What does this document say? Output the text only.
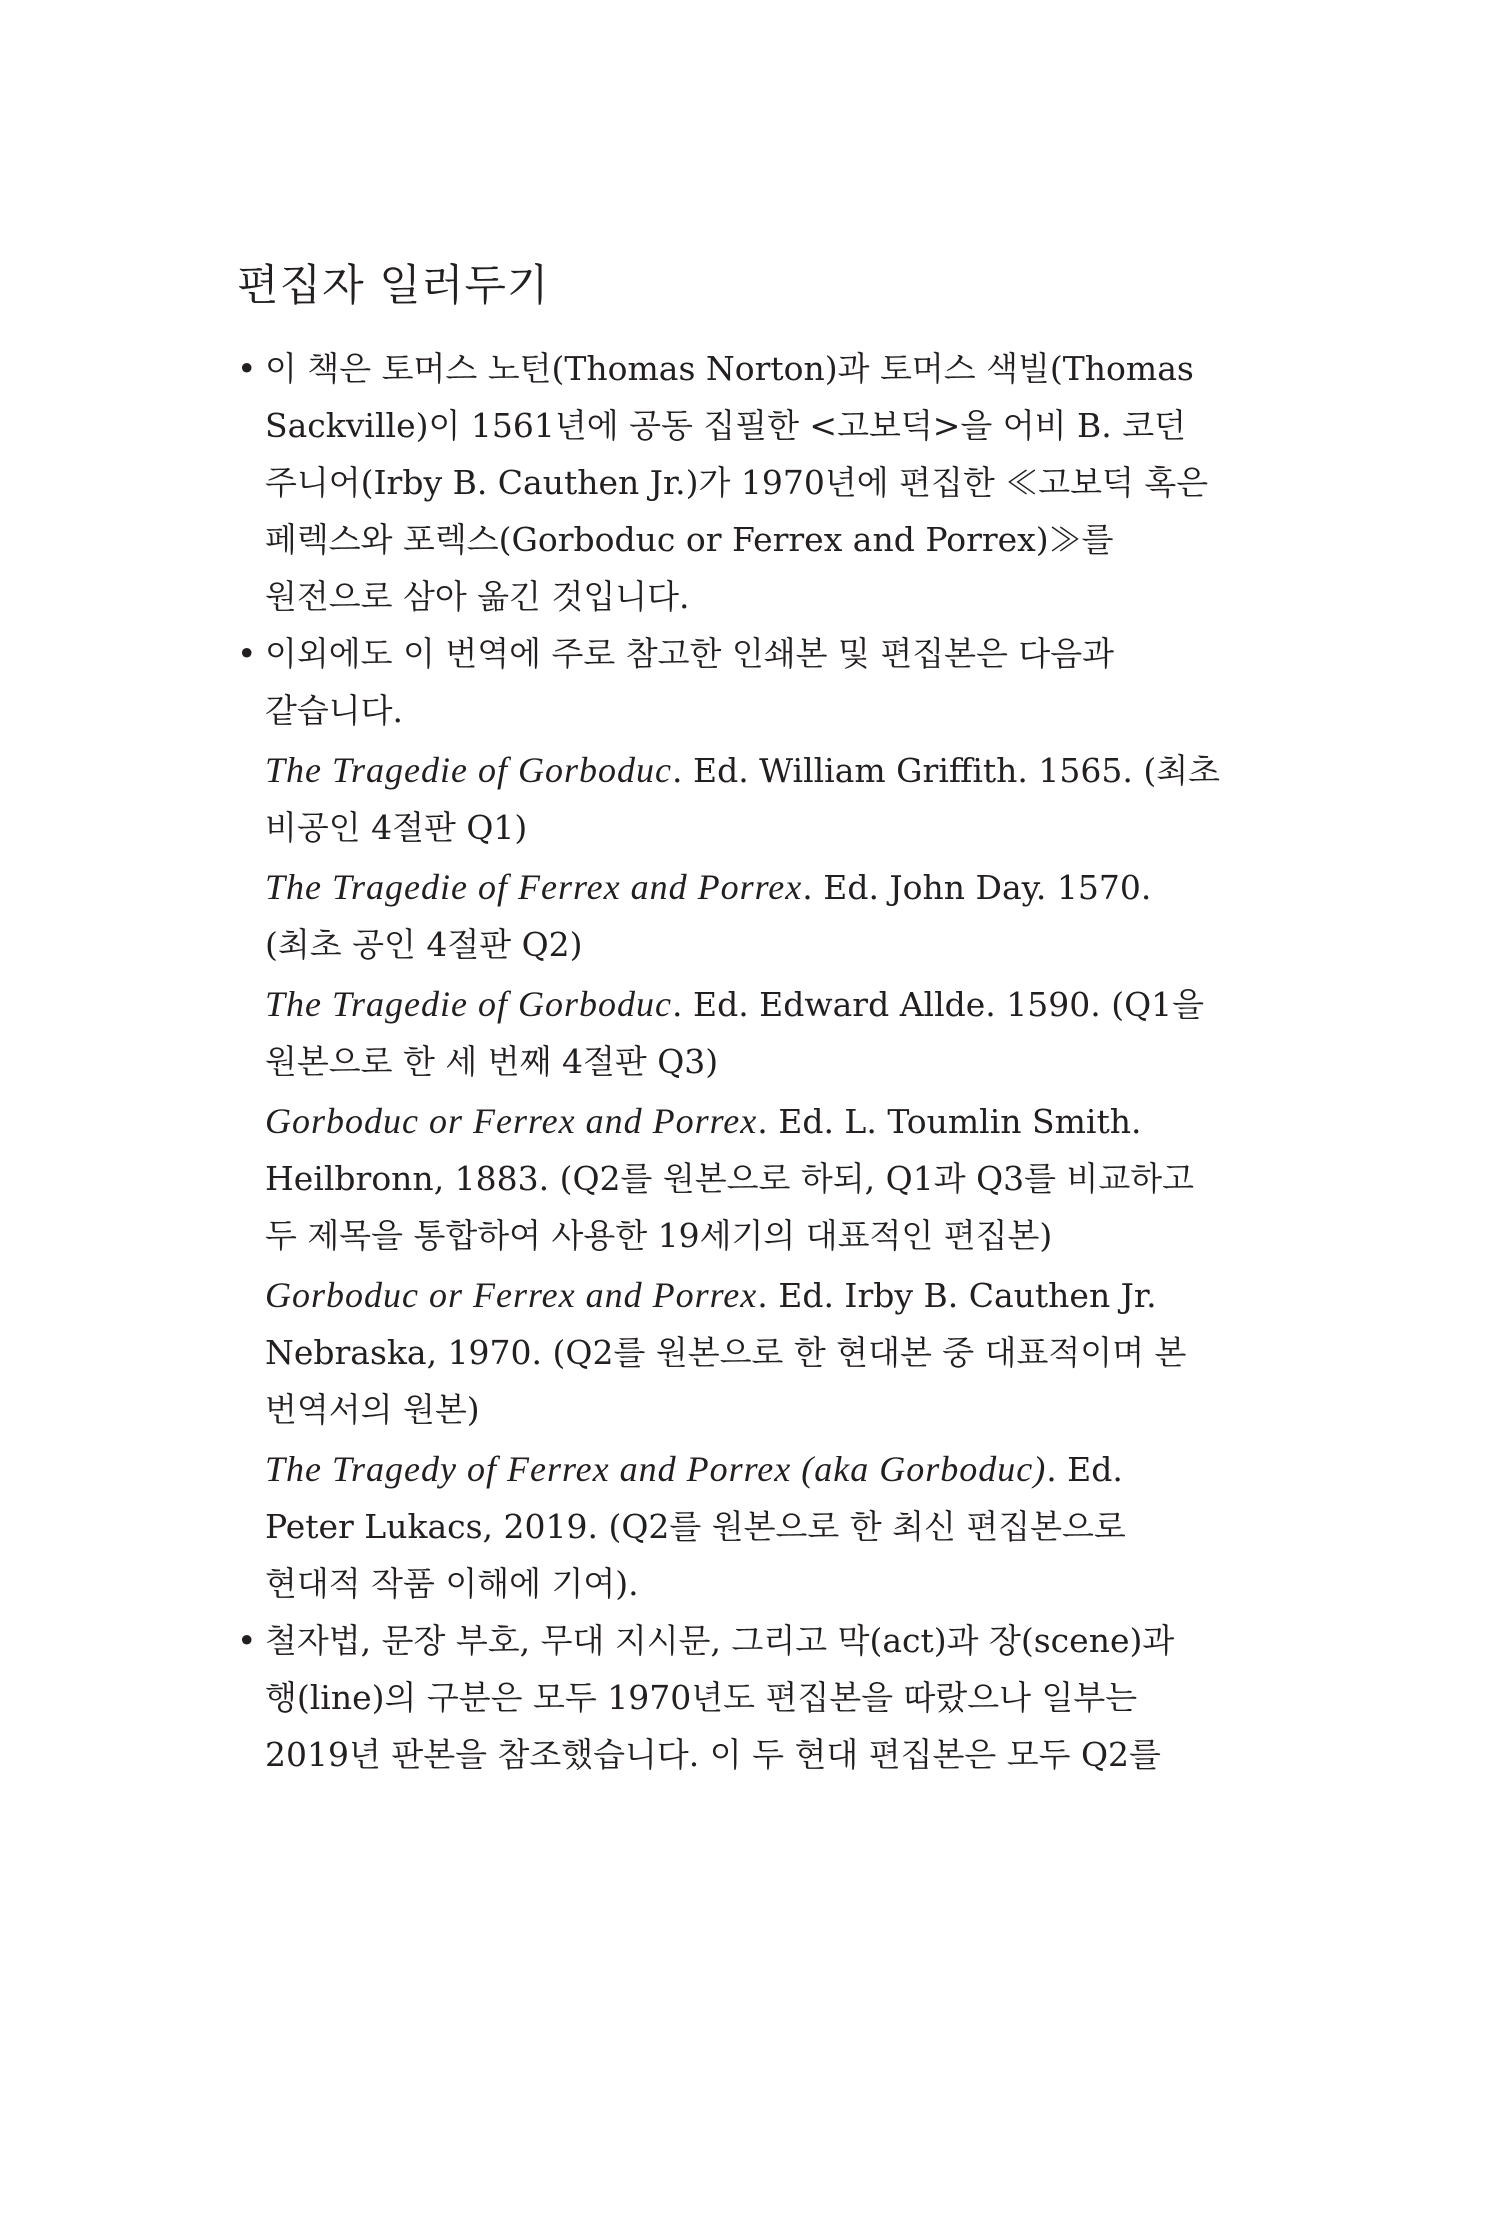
편집자 일러두기
• 이 책은 토머스 노턴(Thomas Norton)과 토머스 색빌(Thomas
Sackville)이 1561년에 공동 집필한 <고보덕>을 어비 B. 코던
주니어(Irby B. Cauthen Jr.)가 1970년에 편집한 ≪고보덕 혹은
페렉스와 포렉스(Gorboduc or Ferrex and Porrex)≫를
원전으로 삼아 옮긴 것입니다.
• 이외에도 이 번역에 주로 참고한 인쇄본 및 편집본은 다음과
같습니다.
The Tragedie of Gorboduc. Ed. William Griffith. 1565. (최초
비공인 4절판 Q1)
The Tragedie of Ferrex and Porrex. Ed. John Day. 1570.
(최초 공인 4절판 Q2)
The Tragedie of Gorboduc. Ed. Edward Allde. 1590. (Q1을
원본으로 한 세 번째 4절판 Q3)
Gorboduc or Ferrex and Porrex. Ed. L. Toumlin Smith.
Heilbronn, 1883. (Q2를 원본으로 하되, Q1과 Q3를 비교하고
두 제목을 통합하여 사용한 19세기의 대표적인 편집본)
Gorboduc or Ferrex and Porrex. Ed. Irby B. Cauthen Jr.
Nebraska, 1970. (Q2를 원본으로 한 현대본 중 대표적이며 본
번역서의 원본)
The Tragedy of Ferrex and Porrex (aka Gorboduc). Ed.
Peter Lukacs, 2019. (Q2를 원본으로 한 최신 편집본으로
현대적 작품 이해에 기여).
• 철자법, 문장 부호, 무대 지시문, 그리고 막(act)과 장(scene)과
행(line)의 구분은 모두 1970년도 편집본을 따랐으나 일부는
2019년 판본을 참조했습니다. 이 두 현대 편집본은 모두 Q2를
